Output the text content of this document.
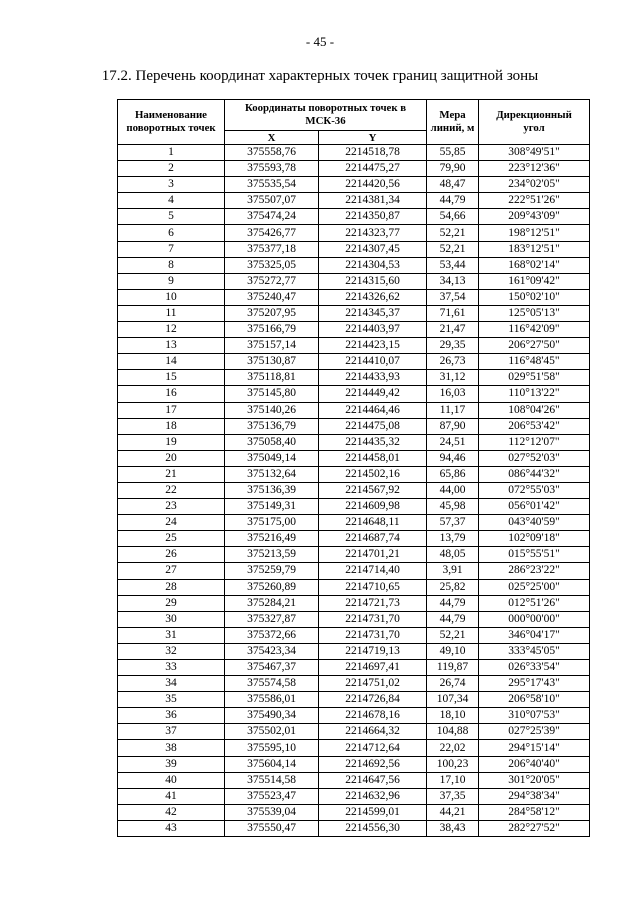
- 45 -
17.2. Перечень координат характерных точек границ защитной зоны
Наименование поворотных точек	Координаты поворотных точек в МСК-36		Мера линий, м	Дирекционный угол
	X	Y		
1	375558,76	2214518,78	55,85	308°49'51"
2	375593,78	2214475,27	79,90	223°12'36"
3	375535,54	2214420,56	48,47	234°02'05"
4	375507,07	2214381,34	44,79	222°51'26"
5	375474,24	2214350,87	54,66	209°43'09"
6	375426,77	2214323,77	52,21	198°12'51"
7	375377,18	2214307,45	52,21	183°12'51"
8	375325,05	2214304,53	53,44	168°02'14"
9	375272,77	2214315,60	34,13	161°09'42"
10	375240,47	2214326,62	37,54	150°02'10"
11	375207,95	2214345,37	71,61	125°05'13"
12	375166,79	2214403,97	21,47	116°42'09"
13	375157,14	2214423,15	29,35	206°27'50"
14	375130,87	2214410,07	26,73	116°48'45"
15	375118,81	2214433,93	31,12	029°51'58"
16	375145,80	2214449,42	16,03	110°13'22"
17	375140,26	2214464,46	11,17	108°04'26"
18	375136,79	2214475,08	87,90	206°53'42"
19	375058,40	2214435,32	24,51	112°12'07"
20	375049,14	2214458,01	94,46	027°52'03"
21	375132,64	2214502,16	65,86	086°44'32"
22	375136,39	2214567,92	44,00	072°55'03"
23	375149,31	2214609,98	45,98	056°01'42"
24	375175,00	2214648,11	57,37	043°40'59"
25	375216,49	2214687,74	13,79	102°09'18"
26	375213,59	2214701,21	48,05	015°55'51"
27	375259,79	2214714,40	3,91	286°23'22"
28	375260,89	2214710,65	25,82	025°25'00"
29	375284,21	2214721,73	44,79	012°51'26"
30	375327,87	2214731,70	44,79	000°00'00"
31	375372,66	2214731,70	52,21	346°04'17"
32	375423,34	2214719,13	49,10	333°45'05"
33	375467,37	2214697,41	119,87	026°33'54"
34	375574,58	2214751,02	26,74	295°17'43"
35	375586,01	2214726,84	107,34	206°58'10"
36	375490,34	2214678,16	18,10	310°07'53"
37	375502,01	2214664,32	104,88	027°25'39"
38	375595,10	2214712,64	22,02	294°15'14"
39	375604,14	2214692,56	100,23	206°40'40"
40	375514,58	2214647,56	17,10	301°20'05"
41	375523,47	2214632,96	37,35	294°38'34"
42	375539,04	2214599,01	44,21	284°58'12"
43	375550,47	2214556,30	38,43	282°27'52"
